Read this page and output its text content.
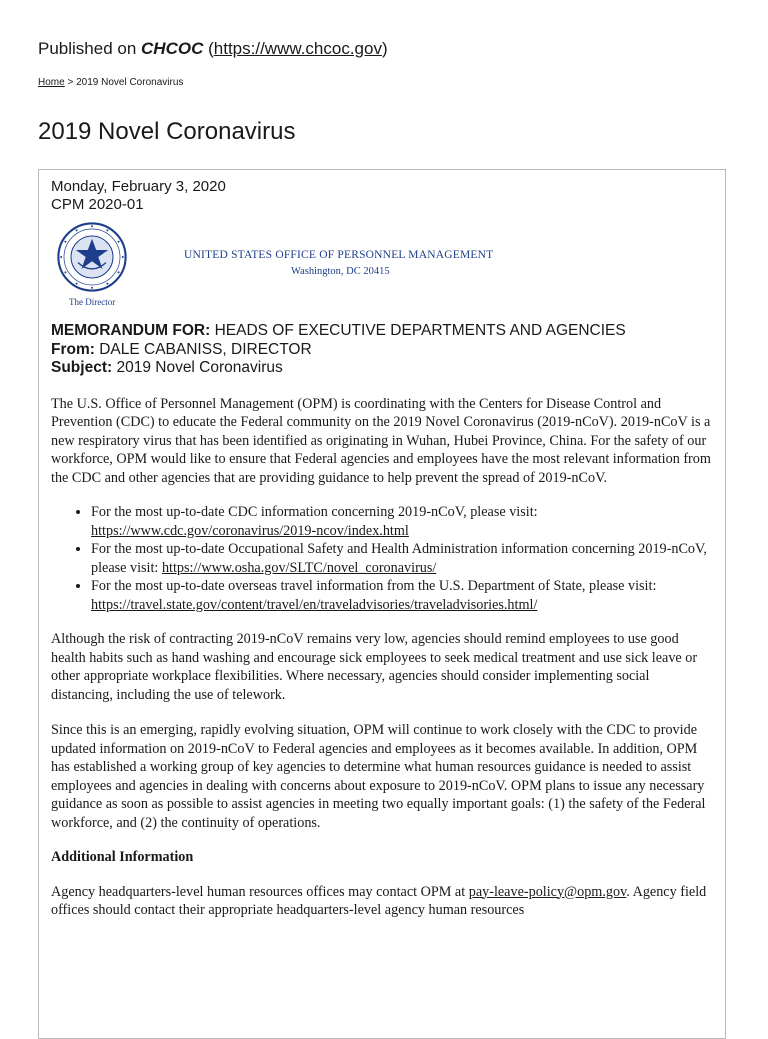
Published on CHCOC (https://www.chcoc.gov)
Home > 2019 Novel Coronavirus
2019 Novel Coronavirus
Monday, February 3, 2020
CPM 2020-01
The Director
UNITED STATES OFFICE OF PERSONNEL MANAGEMENT
Washington, DC 20415
MEMORANDUM FOR: HEADS OF EXECUTIVE DEPARTMENTS AND AGENCIES
From: DALE CABANISS, DIRECTOR
Subject: 2019 Novel Coronavirus
The U.S. Office of Personnel Management (OPM) is coordinating with the Centers for Disease Control and Prevention (CDC) to educate the Federal community on the 2019 Novel Coronavirus (2019-nCoV). 2019-nCoV is a new respiratory virus that has been identified as originating in Wuhan, Hubei Province, China. For the safety of our workforce, OPM would like to ensure that Federal agencies and employees have the most relevant information from the CDC and other agencies that are providing guidance to help prevent the spread of 2019-nCoV.
• For the most up-to-date CDC information concerning 2019-nCoV, please visit: https://www.cdc.gov/coronavirus/2019-ncov/index.html
• For the most up-to-date Occupational Safety and Health Administration information concerning 2019-nCoV, please visit: https://www.osha.gov/SLTC/novel_coronavirus/
• For the most up-to-date overseas travel information from the U.S. Department of State, please visit: https://travel.state.gov/content/travel/en/traveladvisories/traveladvisories.html/
Although the risk of contracting 2019-nCoV remains very low, agencies should remind employees to use good health habits such as hand washing and encourage sick employees to seek medical treatment and use sick leave or other appropriate workplace flexibilities. Where necessary, agencies should consider implementing social distancing, including the use of telework.
Since this is an emerging, rapidly evolving situation, OPM will continue to work closely with the CDC to provide updated information on 2019-nCoV to Federal agencies and employees as it becomes available. In addition, OPM has established a working group of key agencies to determine what human resources guidance is needed to assist employees and agencies in dealing with concerns about exposure to 2019-nCoV. OPM plans to issue any necessary guidance as soon as possible to assist agencies in meeting two equally important goals: (1) the safety of the Federal workforce, and (2) the continuity of operations.
Additional Information
Agency headquarters-level human resources offices may contact OPM at pay-leave-policy@opm.gov. Agency field offices should contact their appropriate headquarters-level agency human resources
